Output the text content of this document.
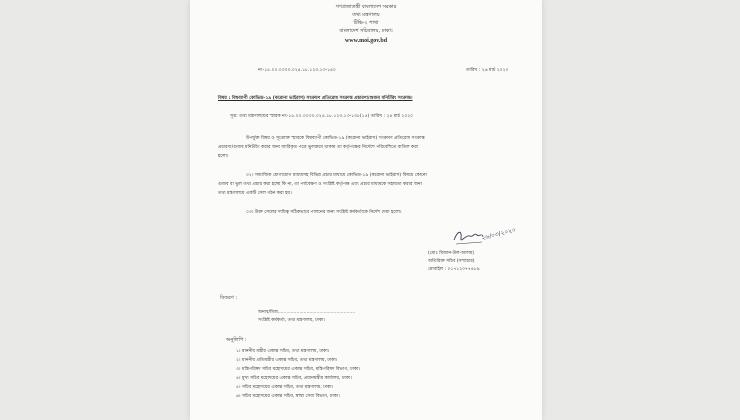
গণপ্রজাতন্ত্রী বাংলাদেশ সরকার
তথ্য মন্ত্রণালয়
টিভি-২ শাখা
বাংলাদেশ সচিবালয়, ঢাকা।
www.moi.gov.bd
নং-১৫.০০.০০০০.০২৪.১৮.১২৩.১৩-১৪০	তারিখ : ২৬ মার্চ ২০২০
বিষয় : বিশ্বব্যাপী কোভিড-১৯ (করোনা ভাইরাস) সংক্রমণ প্রতিরোধ সংক্রান্ত প্রচারণা/গুজব মনিটরিং সংক্রান্ত।
সূত্র: তথ্য মন্ত্রণালয়ের স্মারক নং-১৫.০০.০০০০.০২৪.১৮.১২৩.১৩-১৩৮(১৫) তারিখ : ২৪ মার্চ ২০২০
উপর্যুক্ত বিষয় ও সূত্রোক্ত স্মারকে বিশ্বব্যাপী কোভিড-১৯ (করোনা ভাইরাস) সংক্রমণ প্রতিরোধ সংক্রান্ত
প্রচারণা/গুজব মনিটরিং করার জন্য জারিকৃত পত্রে ভুলক্রমে থাকায় তা কর্তৃপক্ষের নির্দেশে পরিবেশিতে বাতিল করা
হলো।
০২। সামাজিক যোগাযোগ মাধ্যমসহ বিভিন্ন প্রচার মাধ্যমে কোভিড-১৯ (করোনা ভাইরাস) বিষয়ে কোনো
গুজব বা ভুল তথ্য প্রচার করা হচ্ছে কি না, তা পর্যবেক্ষণ ও সংশ্লিষ্ট কর্তৃপক্ষ এবং প্রচার মাধ্যমকে সহায়তা করার জন্য
তথ্য মন্ত্রণালয়ে একটি সেল গঠন করা হয়।
০৩। উক্ত সেলের দায়িত্ব সঠিকভাবে পালনের জন্য সংশ্লিষ্ট কর্মকর্তাকে নির্দেশ দেয়া হলো।
২৬/০৩/২০২০
(মোঃ মিজান-উল-আলম)
অতিরিক্ত সচিব (সম্প্রচার)
মোবাইল : ০১৭১২০৭৭৪৮৯
বিতরণ :
জনাব/মিজ......................................................
সংশ্লিষ্ট কর্মকর্তা, তথ্য মন্ত্রণালয়, ঢাকা।
অনুলিপি :
১। মাননীয় মন্ত্রীর একান্ত সচিব, তথ্য মন্ত্রণালয়, ঢাকা।
২। মাননীয় প্রতিমন্ত্রীর একান্ত সচিব, তথ্য মন্ত্রণালয়, ঢাকা।
৩। মন্ত্রিপরিষদ সচিব মহোদয়ের একান্ত সচিব, মন্ত্রিপরিষদ বিভাগ, ঢাকা।
৪। মুখ্য সচিব মহোদয়ের একান্ত সচিব, প্রধানমন্ত্রীর কার্যালয়, ঢাকা।
৫। সচিব মহোদয়ের একান্ত সচিব, তথ্য মন্ত্রণালয়, ঢাকা।
৬। সচিব মহোদয়ের একান্ত সচিব, স্বাস্থ্য সেবা বিভাগ, ঢাকা।
